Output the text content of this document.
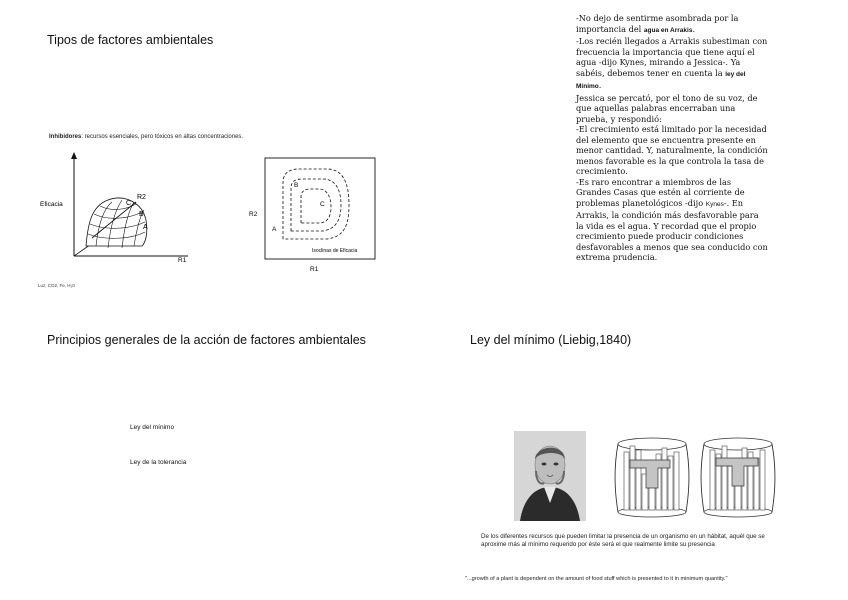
Tipos de factores ambientales
Inhibidores: recursos esenciales, pero tóxicos en altas concentraciones.
R2
C
B
A
Eficacia
R1
B
C
A
Isoclinas de Eficacia
R2
R1
Luz, CO2, Fe, H₂0

-No dejo de sentirme asombrada por la importancia del agua en Arrakis.

-Los recién llegados a Arrakis subestiman con frecuencia la importancia que tiene aquí el agua -dijo Kynes, mirando a Jessica-. Ya sabéis, debemos tener en cuenta la ley del Mínimo.

Jessica se percató, por el tono de su voz, de que aquellas palabras encerraban una prueba, y respondió:

-El crecimiento está limitado por la necesidad del elemento que se encuentra presente en menor cantidad. Y, naturalmente, la condición menos favorable es la que controla la tasa de crecimiento.

-Es raro encontrar a miembros de las Grandes Casas que estén al corriente de problemas planetológicos -dijo Kynes-. En Arrakis, la condición más desfavorable para la vida es el agua. Y recordad que el propio crecimiento puede producir condiciones desfavorables a menos que sea conducido con extrema prudencia.

Principios generales de la acción de factores ambientales
Ley del mínimo
Ley de la tolerancia
Ley del mínimo (Liebig,1840)
De los diferentes recursos que pueden limitar la presencia de un organismo en un hábitat, aquél que se aproxime más al mínimo requerido por éste será el que realmente limite su presencia
"...growth of a plant is dependent on the amount of food stuff which is presented to it in minimum quantity."
